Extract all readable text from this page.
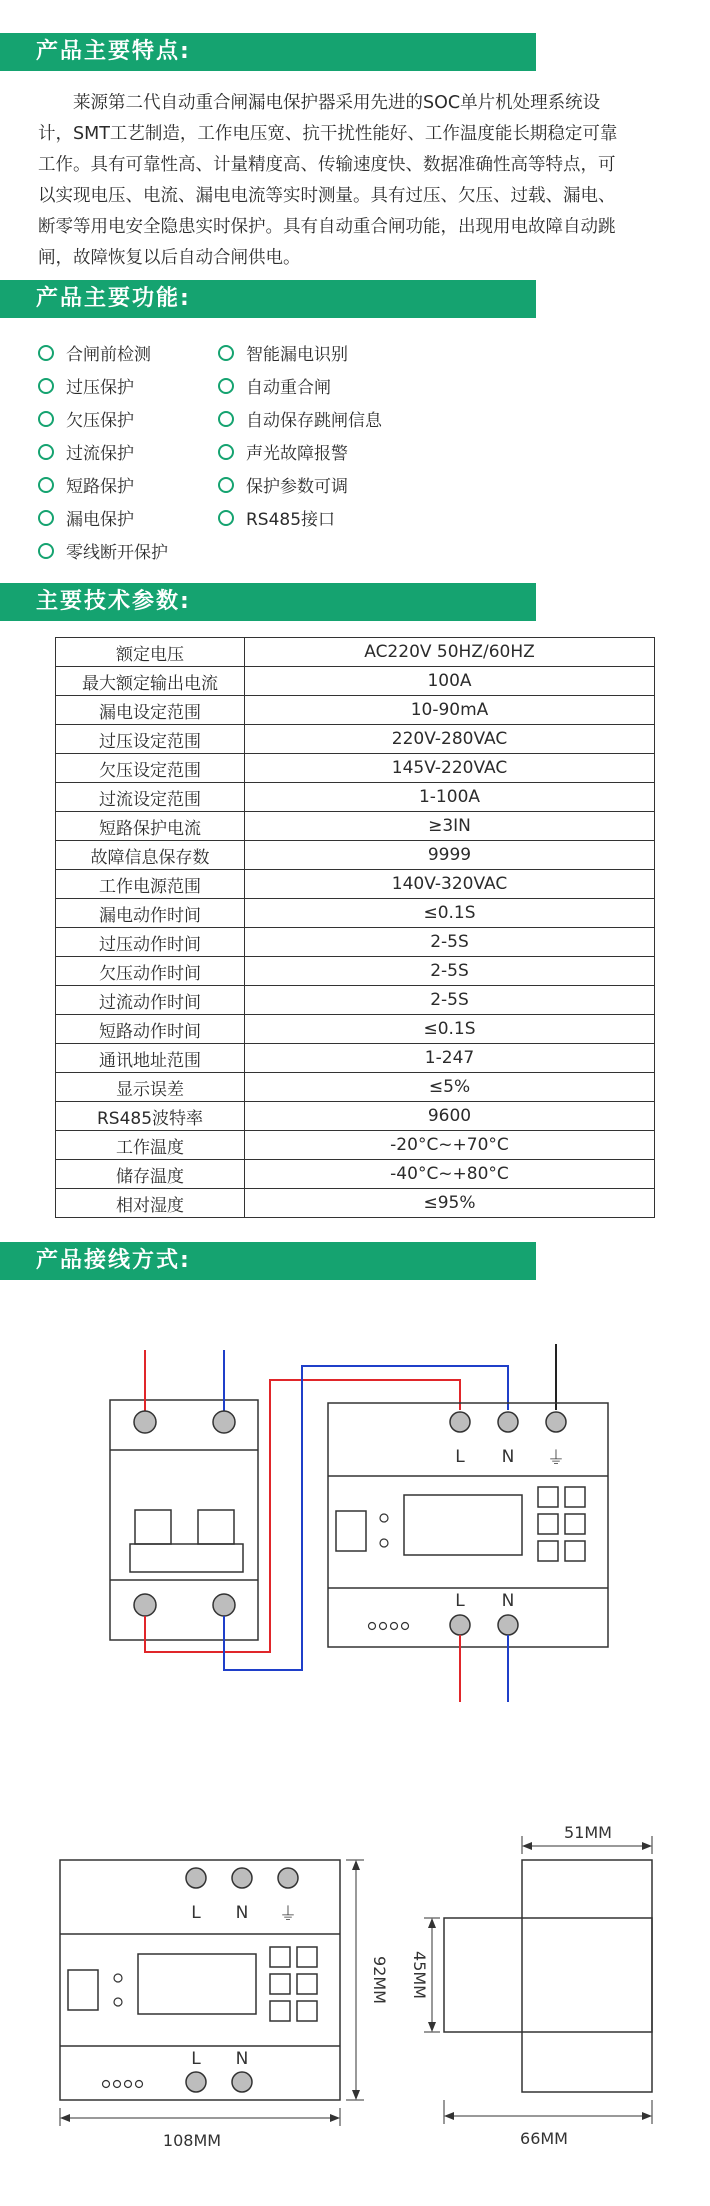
产品主要特点:

莱源第二代自动重合闸漏电保护器采用先进的SOC单片机处理系统设计，SMT工艺制造，工作电压宽、抗干扰性能好、工作温度能长期稳定可靠工作。具有可靠性高、计量精度高、传输速度快、数据准确性高等特点，可以实现电压、电流、漏电电流等实时测量。具有过压、欠压、过载、漏电、断零等用电安全隐患实时保护。具有自动重合闸功能，出现用电故障自动跳闸，故障恢复以后自动合闸供电。

产品主要功能:
合闸前检测
过压保护
欠压保护
过流保护
短路保护
漏电保护
零线断开保护
智能漏电识别
自动重合闸
自动保存跳闸信息
声光故障报警
保护参数可调
RS485接口
主要技术参数:
额定电压	AC220V 50HZ/60HZ
最大额定输出电流	100A
漏电设定范围	10-90mA
过压设定范围	220V-280VAC
欠压设定范围	145V-220VAC
过流设定范围	1-100A
短路保护电流	≥3IN
故障信息保存数	9999
工作电源范围	140V-320VAC
漏电动作时间	≤0.1S
过压动作时间	2-5S
欠压动作时间	2-5S
过流动作时间	2-5S
短路动作时间	≤0.1S
通讯地址范围	1-247
显示误差	≤5%
RS485波特率	9600
工作温度	-20°C~+70°C
储存温度	-40°C~+80°C
相对湿度	≤95%
产品接线方式:
L N ⏚
L N
L N ⏚
L N
108MM
92MM
51MM
45MM
66MM
